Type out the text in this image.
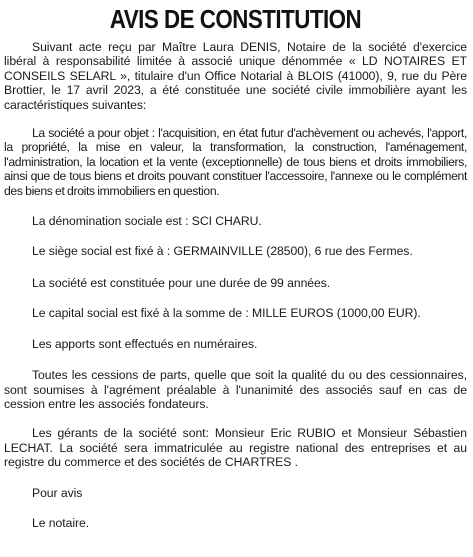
AVIS DE CONSTITUTION

Suivant acte reçu par Maître Laura DENIS, Notaire de la société d'exercice libéral à responsabilité limitée à associé unique dénommée « LD NOTAIRES ET CONSEILS SELARL », titulaire d'un Office Notarial à BLOIS (41000), 9, rue du Père Brottier, le 17 avril 2023, a été constituée une société civile immobilière ayant les caractéristiques suivantes:

La société a pour objet : l'acquisition, en état futur d'achèvement ou achevés, l'apport, la propriété, la mise en valeur, la transformation, la construction, l'aménagement, l'administration, la location et la vente (exceptionnelle) de tous biens et droits immobiliers, ainsi que de tous biens et droits pouvant constituer l'accessoire, l'annexe ou le complément des biens et droits immobiliers en question.

La dénomination sociale est : SCI CHARU.

Le siège social est fixé à : GERMAINVILLE (28500), 6 rue des Fermes.

La société est constituée pour une durée de 99 années.

Le capital social est fixé à la somme de : MILLE EUROS (1000,00 EUR).

Les apports sont effectués en numéraires.

Toutes les cessions de parts, quelle que soit la qualité du ou des cessionnaires, sont soumises à l'agrément préalable à l'unanimité des associés sauf en cas de cession entre les associés fondateurs.

Les gérants de la société sont: Monsieur Eric RUBIO et Monsieur Sébastien LECHAT. La société sera immatriculée au registre national des entreprises et au registre du commerce et des sociétés de CHARTRES .

Pour avis

Le notaire.
